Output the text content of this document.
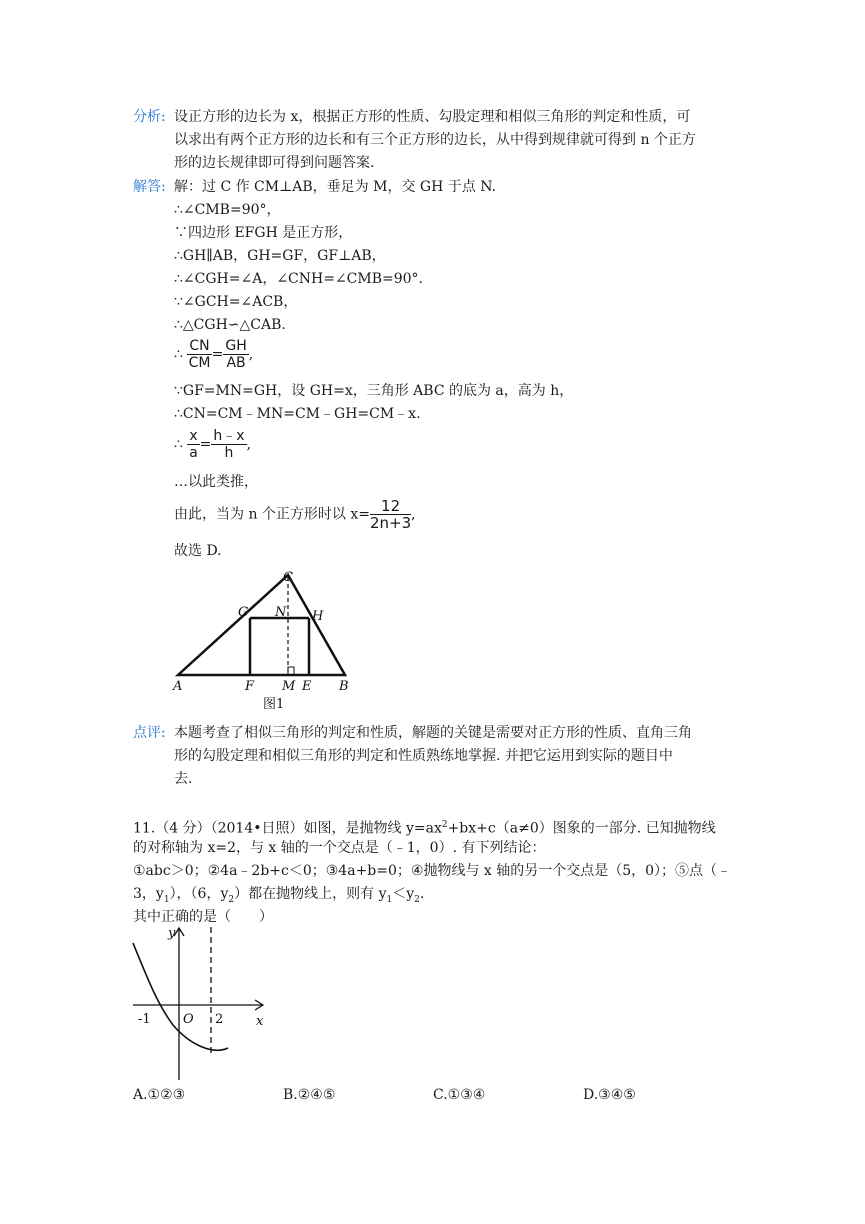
分析: 设正方形的边长为 x，根据正方形的性质、勾股定理和相似三角形的判定和性质，可
以求出有两个正方形的边长和有三个正方形的边长，从中得到规律就可得到 n 个正方
形的边长规律即可得到问题答案.
解答: 解：过 C 作 CM⊥AB，垂足为 M，交 GH 于点 N.
∴∠CMB=90°，
∵四边形 EFGH 是正方形，
∴GH∥AB，GH=GF，GF⊥AB，
∴∠CGH=∠A，∠CNH=∠CMB=90°.
∵∠GCH=∠ACB，
∴△CGH∽△CAB.
∴ $\frac{CN}{CM} = \frac{GH}{AB}$ ,
∵GF=MN=GH，设 GH=x，三角形 ABC 的底为 a，高为 h，
∴CN=CM﹣MN=CM﹣GH=CM﹣x.
∴ $\frac{x}{a} = \frac{h﹣x}{h}$ ,
…以此类推，
由此，当为 n 个正方形时以 $x= \frac{12}{2n+3}$ ,
故选 D.
C
G N H
A	F M E B
图1
点评: 本题考查了相似三角形的判定和性质，解题的关键是需要对正方形的性质、直角三角
形的勾股定理和相似三角形的判定和性质熟练地掌握. 并把它运用到实际的题目中
去.
11.（4 分）（2014•日照）如图，是抛物线 $y=ax^2+bx+c(a\ne 0)$图象的一部分. 已知抛物线
的对称轴为 x=2，与 x 轴的一个交点是（﹣1，0）. 有下列结论：
①abc＞0；②4a﹣2b+c＜0；③4a+b=0；④抛物线与 x 轴的另一个交点是（5，0）；⑤点（﹣
3，$y_1$），（6，$y_2$）都在抛物线上，则有 $y_1<y_2$.
其中正确的是（　　）
y
x
O
-1	2
A.①②③	B.②④⑤	C.①③④	D.③④⑤
